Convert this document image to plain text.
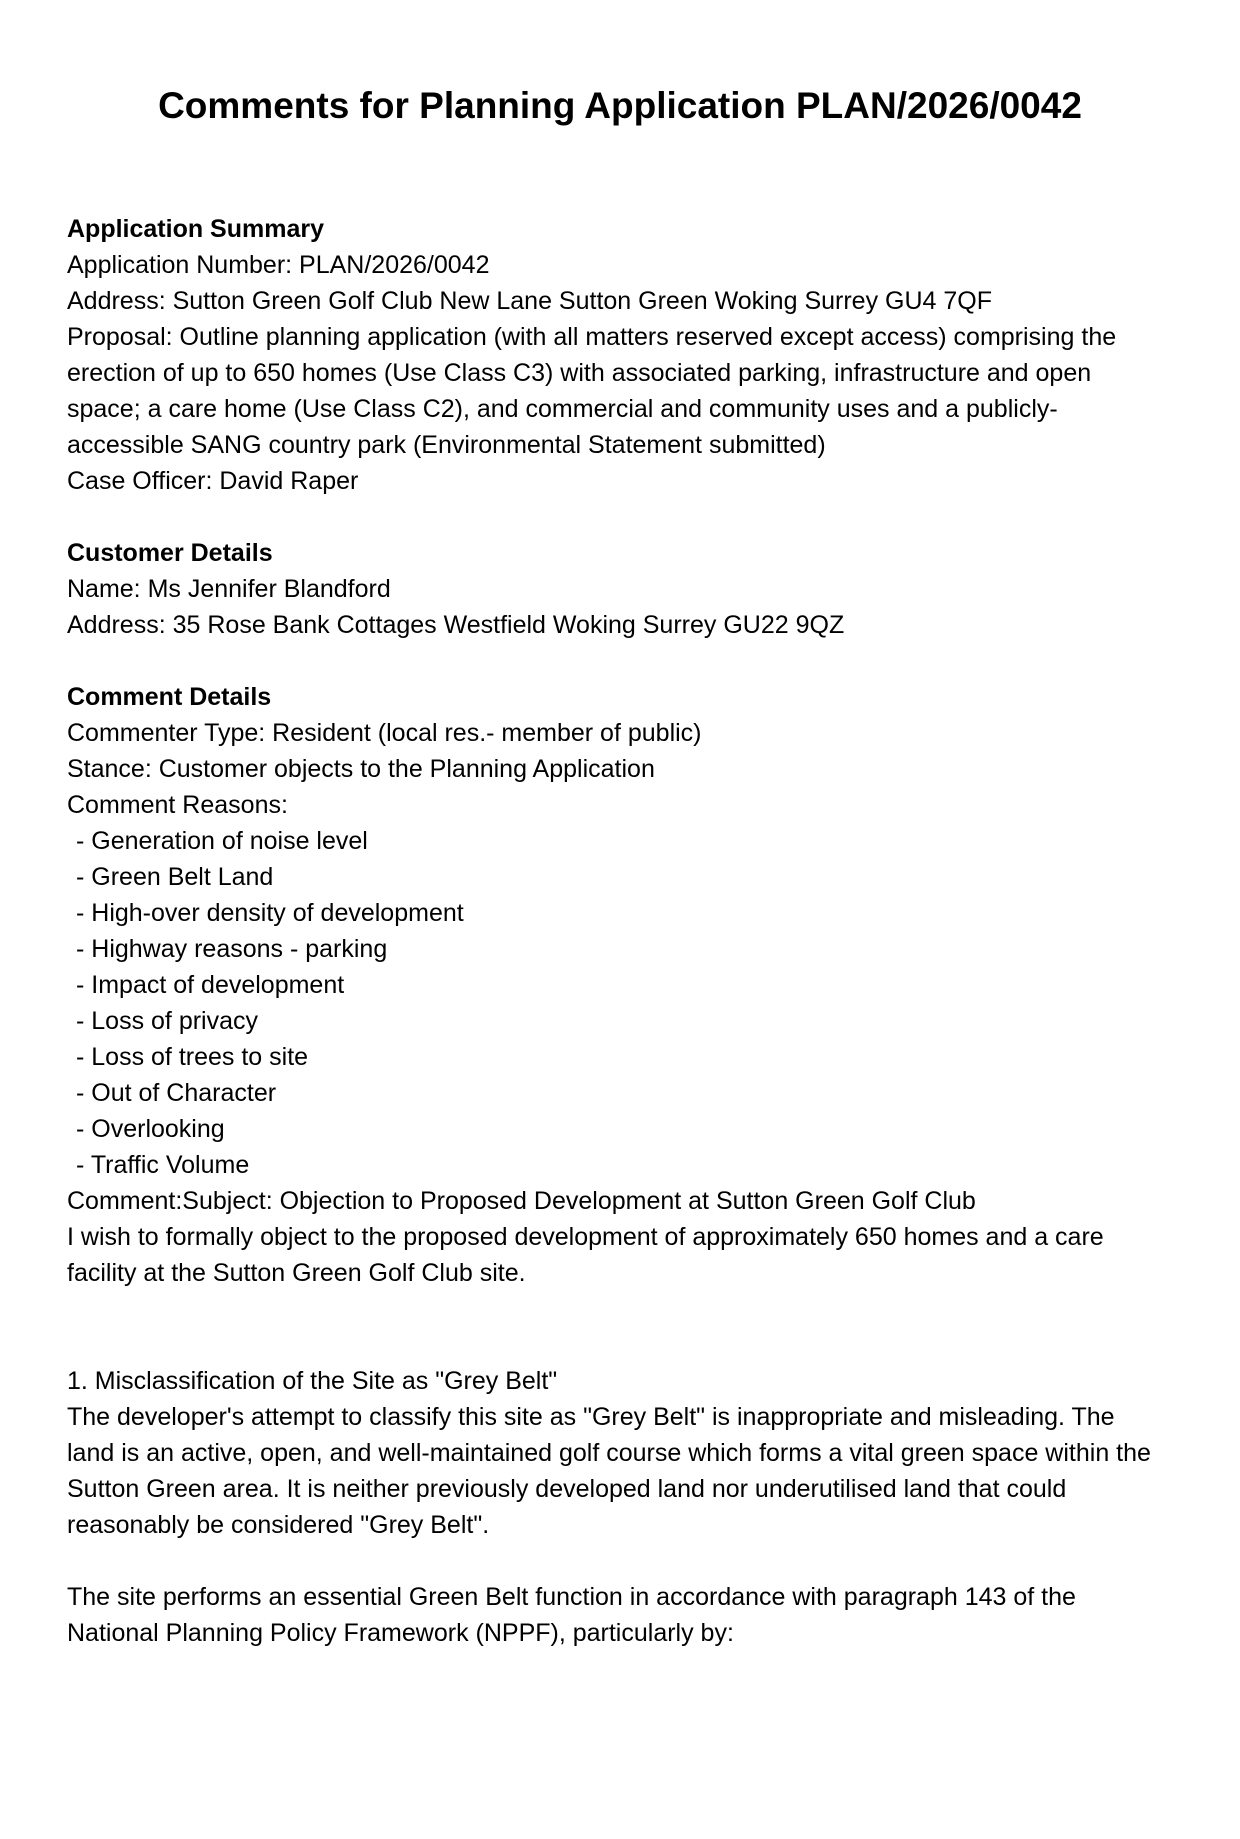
Comments for Planning Application PLAN/2026/0042
Application Summary
Application Number: PLAN/2026/0042
Address: Sutton Green Golf Club New Lane Sutton Green Woking Surrey GU4 7QF
Proposal: Outline planning application (with all matters reserved except access) comprising the
erection of up to 650 homes (Use Class C3) with associated parking, infrastructure and open
space; a care home (Use Class C2), and commercial and community uses and a publicly-
accessible SANG country park (Environmental Statement submitted)
Case Officer: David Raper
Customer Details
Name: Ms Jennifer Blandford
Address: 35 Rose Bank Cottages Westfield Woking Surrey GU22 9QZ
Comment Details
Commenter Type: Resident (local res.- member of public)
Stance: Customer objects to the Planning Application
Comment Reasons:
- Generation of noise level
- Green Belt Land
- High-over density of development
- Highway reasons - parking
- Impact of development
- Loss of privacy
- Loss of trees to site
- Out of Character
- Overlooking
- Traffic Volume
Comment:Subject: Objection to Proposed Development at Sutton Green Golf Club
I wish to formally object to the proposed development of approximately 650 homes and a care
facility at the Sutton Green Golf Club site.
1. Misclassification of the Site as "Grey Belt"
The developer's attempt to classify this site as "Grey Belt" is inappropriate and misleading. The
land is an active, open, and well-maintained golf course which forms a vital green space within the
Sutton Green area. It is neither previously developed land nor underutilised land that could
reasonably be considered "Grey Belt".
The site performs an essential Green Belt function in accordance with paragraph 143 of the
National Planning Policy Framework (NPPF), particularly by:
